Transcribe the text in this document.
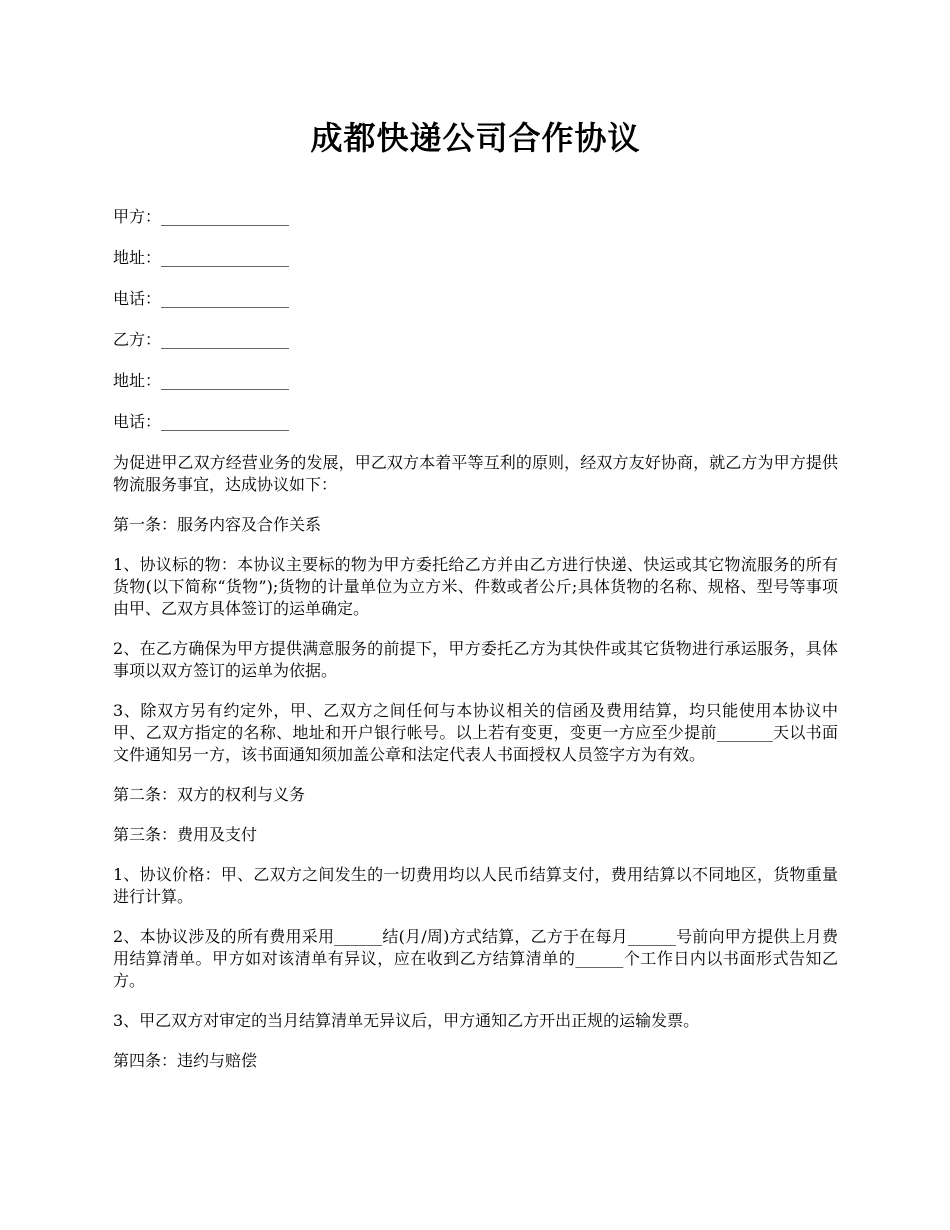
成都快递公司合作协议
甲方：________________
地址：________________
电话：________________
乙方：________________
地址：________________
电话：________________

为促进甲乙双方经营业务的发展，甲乙双方本着平等互利的原则，经双方友好协商，就乙方为甲方提供物流服务事宜，达成协议如下：

第一条：服务内容及合作关系

1、协议标的物：本协议主要标的物为甲方委托给乙方并由乙方进行快递、快运或其它物流服务的所有货物(以下简称“货物”);货物的计量单位为立方米、件数或者公斤;具体货物的名称、规格、型号等事项由甲、乙双方具体签订的运单确定。

2、在乙方确保为甲方提供满意服务的前提下，甲方委托乙方为其快件或其它货物进行承运服务，具体事项以双方签订的运单为依据。

3、除双方另有约定外，甲、乙双方之间任何与本协议相关的信函及费用结算，均只能使用本协议中甲、乙双方指定的名称、地址和开户银行帐号。以上若有变更，变更一方应至少提前_______天以书面文件通知另一方，该书面通知须加盖公章和法定代表人书面授权人员签字方为有效。

第二条：双方的权利与义务

第三条：费用及支付

1、协议价格：甲、乙双方之间发生的一切费用均以人民币结算支付，费用结算以不同地区，货物重量进行计算。

2、本协议涉及的所有费用采用______结(月/周)方式结算，乙方于在每月______号前向甲方提供上月费用结算清单。甲方如对该清单有异议，应在收到乙方结算清单的______个工作日内以书面形式告知乙方。

3、甲乙双方对审定的当月结算清单无异议后，甲方通知乙方开出正规的运输发票。

第四条：违约与赔偿
